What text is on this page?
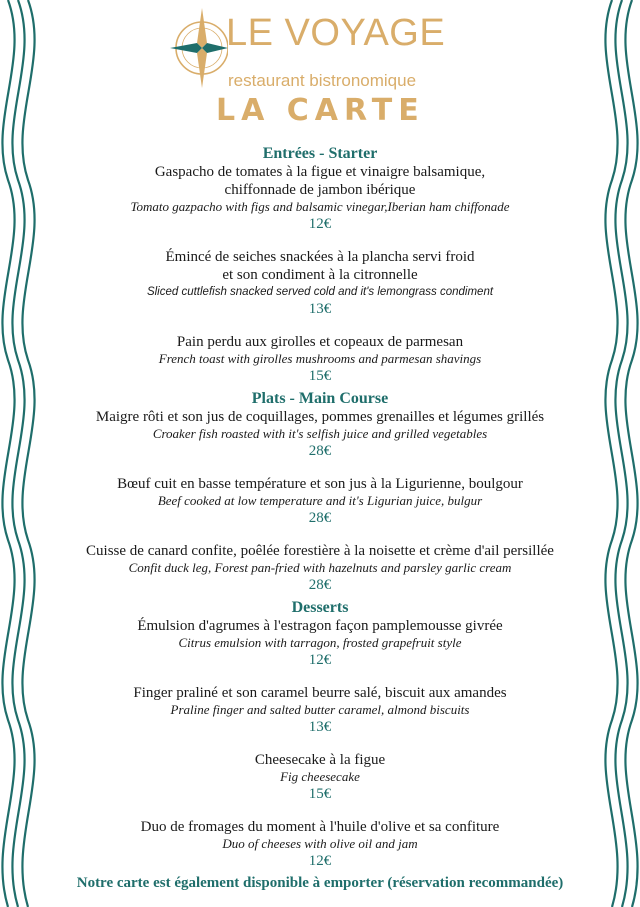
LE VOYAGE
restaurant bistronomique
LA CARTE
Entrées - Starter
Gaspacho de tomates à la figue et vinaigre balsamique,
chiffonnade de jambon ibérique
Tomato gazpacho with figs and balsamic vinegar,Iberian ham chiffonade
12€
Émincé de seiches snackées à la plancha servi froid
et son condiment à la citronnelle
Sliced cuttlefish snacked served cold and it's lemongrass condiment
13€
Pain perdu aux girolles et copeaux de parmesan
French toast with girolles mushrooms and parmesan shavings
15€
Plats - Main Course
Maigre rôti et son jus de coquillages, pommes grenailles et légumes grillés
Croaker fish roasted with it's selfish juice and grilled vegetables
28€
Bœuf cuit en basse température et son jus à la Ligurienne, boulgour
Beef cooked at low temperature and it's Ligurian juice, bulgur
28€
Cuisse de canard confite, poêlée forestière à la noisette et crème d'ail persillée
Confit duck leg, Forest pan-fried with hazelnuts and parsley garlic cream
28€
Desserts
Émulsion d'agrumes à l'estragon façon pamplemousse givrée
Citrus emulsion with tarragon, frosted grapefruit style
12€
Finger praliné et son caramel beurre salé, biscuit aux amandes
Praline finger and salted butter caramel, almond biscuits
13€
Cheesecake à la figue
Fig cheesecake
15€
Duo de fromages du moment à l'huile d'olive et sa confiture
Duo of cheeses with olive oil and jam
12€
Notre carte est également disponible à emporter (réservation recommandée)
